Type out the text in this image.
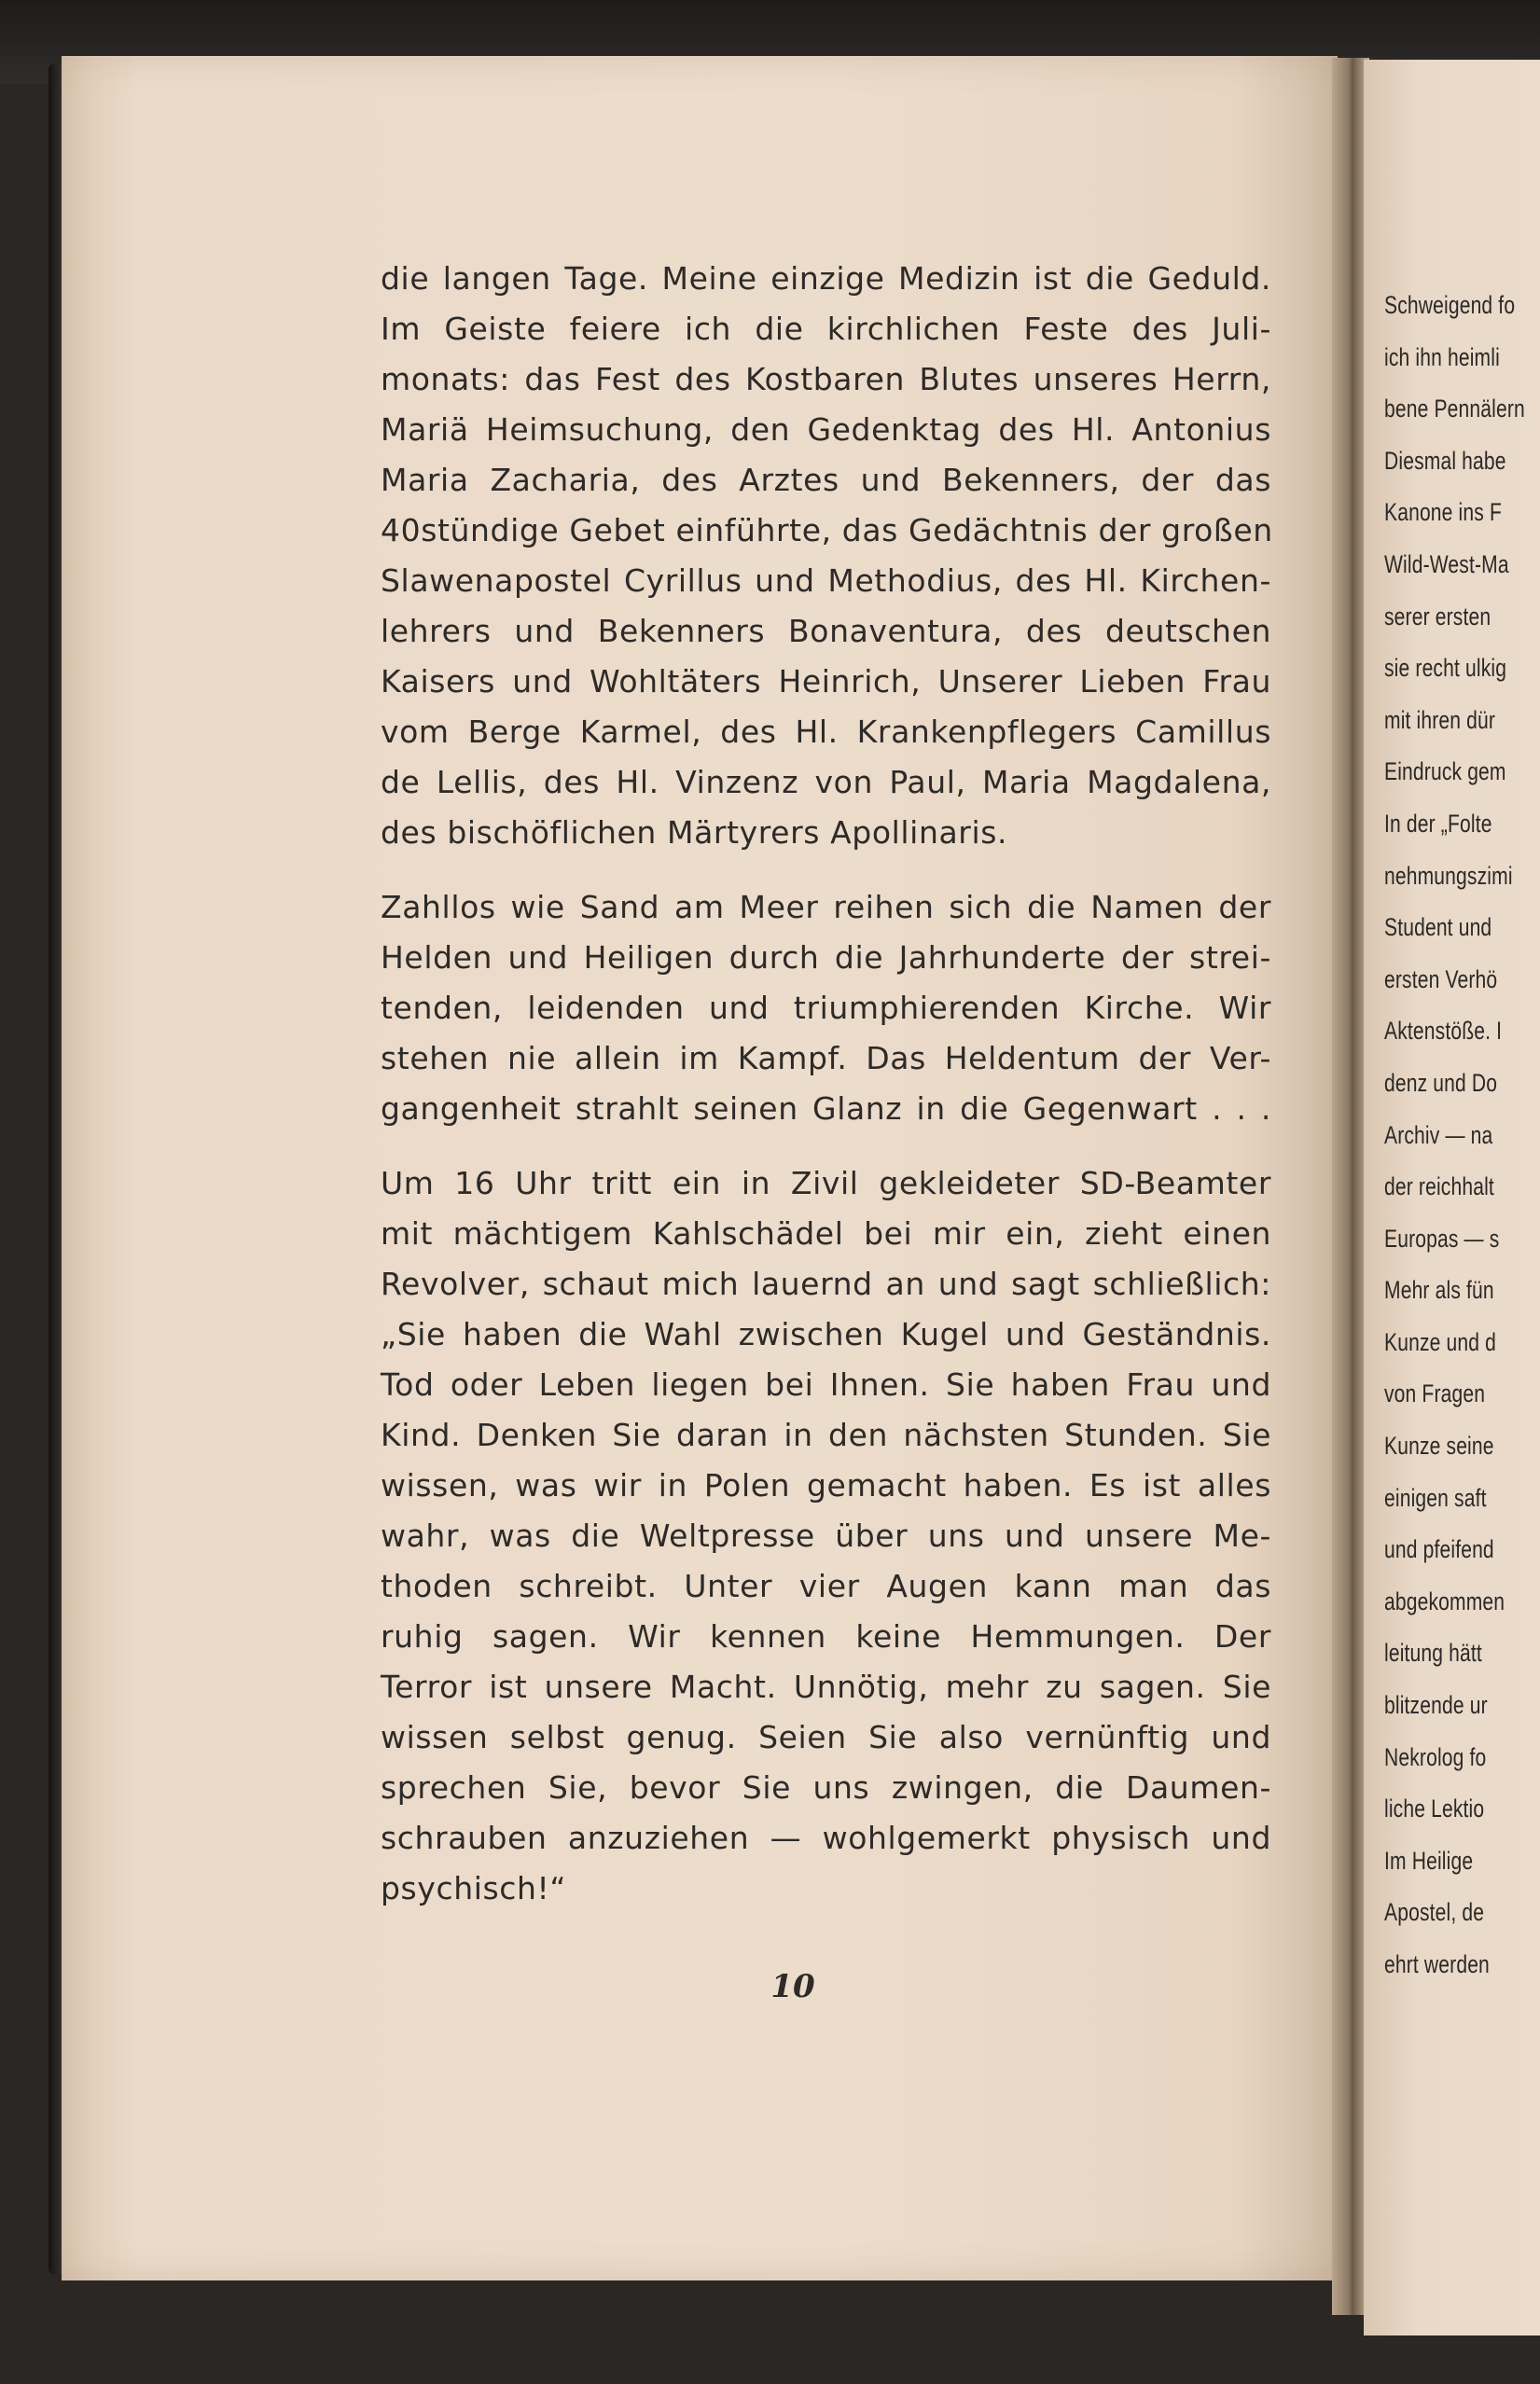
die langen Tage. Meine einzige Medizin ist die Geduld.
Im Geiste feiere ich die kirchlichen Feste des Juli-
monats: das Fest des Kostbaren Blutes unseres Herrn,
Mariä Heimsuchung, den Gedenktag des Hl. Antonius
Maria Zacharia, des Arztes und Bekenners, der das
40stündige Gebet einführte, das Gedächtnis der großen
Slawenapostel Cyrillus und Methodius, des Hl. Kirchen-
lehrers und Bekenners Bonaventura, des deutschen
Kaisers und Wohltäters Heinrich, Unserer Lieben Frau
vom Berge Karmel, des Hl. Krankenpflegers Camillus
de Lellis, des Hl. Vinzenz von Paul, Maria Magdalena,
des bischöflichen Märtyrers Apollinaris.

Zahllos wie Sand am Meer reihen sich die Namen der
Helden und Heiligen durch die Jahrhunderte der strei-
tenden, leidenden und triumphierenden Kirche. Wir
stehen nie allein im Kampf. Das Heldentum der Ver-
gangenheit strahlt seinen Glanz in die Gegenwart . . .

Um 16 Uhr tritt ein in Zivil gekleideter SD-Beamter
mit mächtigem Kahlschädel bei mir ein, zieht einen
Revolver, schaut mich lauernd an und sagt schließlich:
„Sie haben die Wahl zwischen Kugel und Geständnis.
Tod oder Leben liegen bei Ihnen. Sie haben Frau und
Kind. Denken Sie daran in den nächsten Stunden. Sie
wissen, was wir in Polen gemacht haben. Es ist alles
wahr, was die Weltpresse über uns und unsere Me-
thoden schreibt. Unter vier Augen kann man das
ruhig sagen. Wir kennen keine Hemmungen. Der
Terror ist unsere Macht. Unnötig, mehr zu sagen. Sie
wissen selbst genug. Seien Sie also vernünftig und
sprechen Sie, bevor Sie uns zwingen, die Daumen-
schrauben anzuziehen — wohlgemerkt physisch und
psychisch!“

10
Schweigend fo
ich ihn heimli
bene Pennälern
Diesmal habe
Kanone ins F
Wild-West-Ma
serer ersten
sie recht ulkig
mit ihren dür
Eindruck gem
In der „Folte
nehmungszimi
Student und
ersten Verhö
Aktenstöße. I
denz und Do
Archiv — na
der reichhalt
Europas — s
Mehr als fün
Kunze und d
von Fragen
Kunze seine
einigen saft
und pfeifend
abgekommen
leitung hätt
blitzende ur
Nekrolog fo
liche Lektio
Im Heilige
Apostel, de
ehrt werden
